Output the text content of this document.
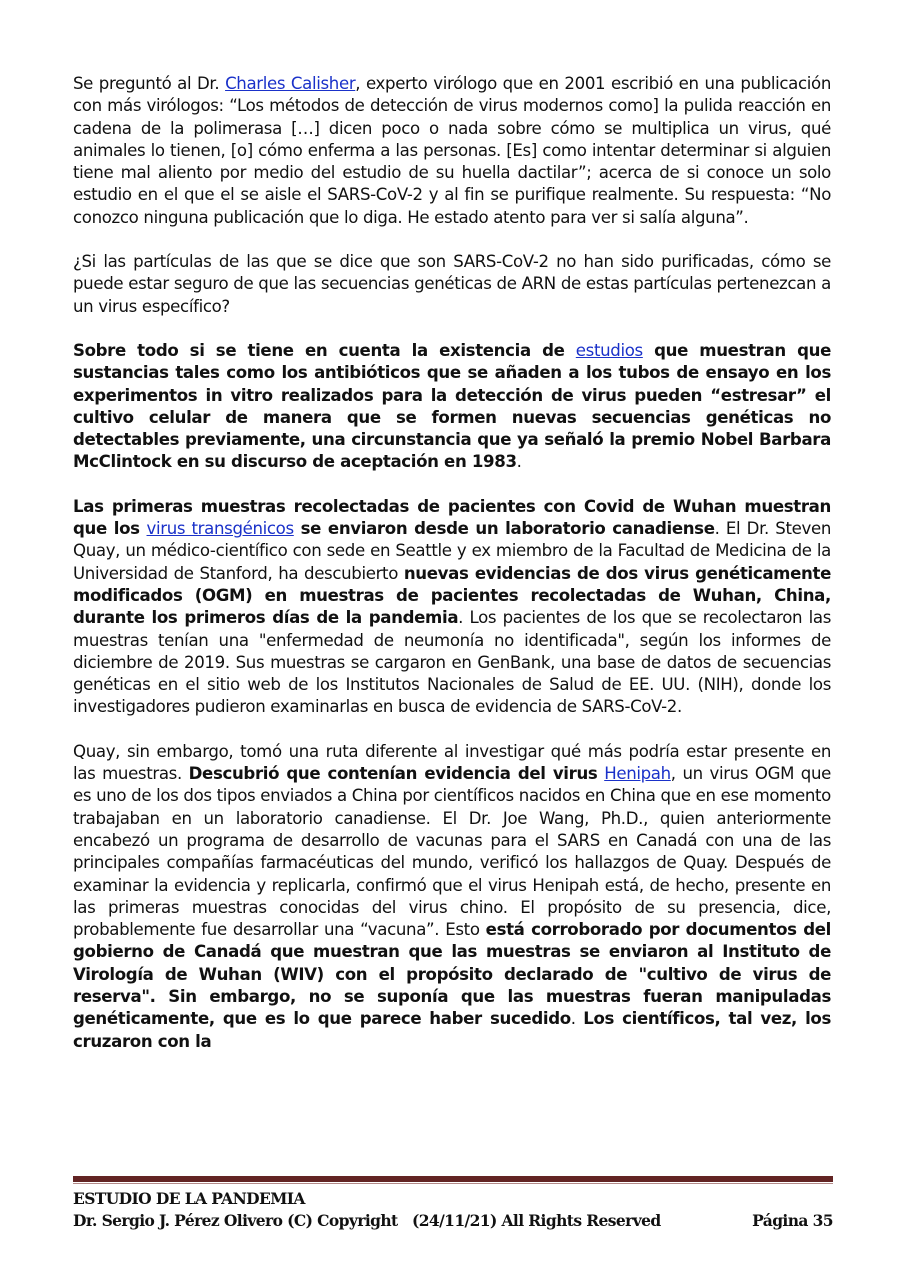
Se preguntó al Dr. Charles Calisher, experto virólogo que en 2001 escribió en una publicación con más virólogos: “Los métodos de detección de virus modernos como] la pulida reacción en cadena de la polimerasa […] dicen poco o nada sobre cómo se multiplica un virus, qué animales lo tienen, [o] cómo enferma a las personas. [Es] como intentar determinar si alguien tiene mal aliento por medio del estudio de su huella dactilar”; acerca de si conoce un solo estudio en el que el se aisle el SARS-CoV-2 y al fin se purifique realmente. Su respuesta: “No conozco ninguna publicación que lo diga. He estado atento para ver si salía alguna”.

¿Si las partículas de las que se dice que son SARS-CoV-2 no han sido purificadas, cómo se puede estar seguro de que las secuencias genéticas de ARN de estas partículas pertenezcan a un virus específico?

Sobre todo si se tiene en cuenta la existencia de estudios que muestran que sustancias tales como los antibióticos que se añaden a los tubos de ensayo en los experimentos in vitro realizados para la detección de virus pueden “estresar” el cultivo celular de manera que se formen nuevas secuencias genéticas no detectables previamente, una circunstancia que ya señaló la premio Nobel Barbara McClintock en su discurso de aceptación en 1983.

Las primeras muestras recolectadas de pacientes con Covid de Wuhan muestran que los virus transgénicos se enviaron desde un laboratorio canadiense. El Dr. Steven Quay, un médico-científico con sede en Seattle y ex miembro de la Facultad de Medicina de la Universidad de Stanford, ha descubierto nuevas evidencias de dos virus genéticamente modificados (OGM) en muestras de pacientes recolectadas de Wuhan, China, durante los primeros días de la pandemia. Los pacientes de los que se recolectaron las muestras tenían una "enfermedad de neumonía no identificada", según los informes de diciembre de 2019. Sus muestras se cargaron en GenBank, una base de datos de secuencias genéticas en el sitio web de los Institutos Nacionales de Salud de EE. UU. (NIH), donde los investigadores pudieron examinarlas en busca de evidencia de SARS-CoV-2.

Quay, sin embargo, tomó una ruta diferente al investigar qué más podría estar presente en las muestras. Descubrió que contenían evidencia del virus Henipah, un virus OGM que es uno de los dos tipos enviados a China por científicos nacidos en China que en ese momento trabajaban en un laboratorio canadiense. El Dr. Joe Wang, Ph.D., quien anteriormente encabezó un programa de desarrollo de vacunas para el SARS en Canadá con una de las principales compañías farmacéuticas del mundo, verificó los hallazgos de Quay. Después de examinar la evidencia y replicarla, confirmó que el virus Henipah está, de hecho, presente en las primeras muestras conocidas del virus chino. El propósito de su presencia, dice, probablemente fue desarrollar una “vacuna”. Esto está corroborado por documentos del gobierno de Canadá que muestran que las muestras se enviaron al Instituto de Virología de Wuhan (WIV) con el propósito declarado de "cultivo de virus de reserva". Sin embargo, no se suponía que las muestras fueran manipuladas genéticamente, que es lo que parece haber sucedido. Los científicos, tal vez, los cruzaron con la

ESTUDIO DE LA PANDEMIA
Dr. Sergio J. Pérez Olivero (C) Copyright   (24/11/21) All Rights Reserved	Página 35
